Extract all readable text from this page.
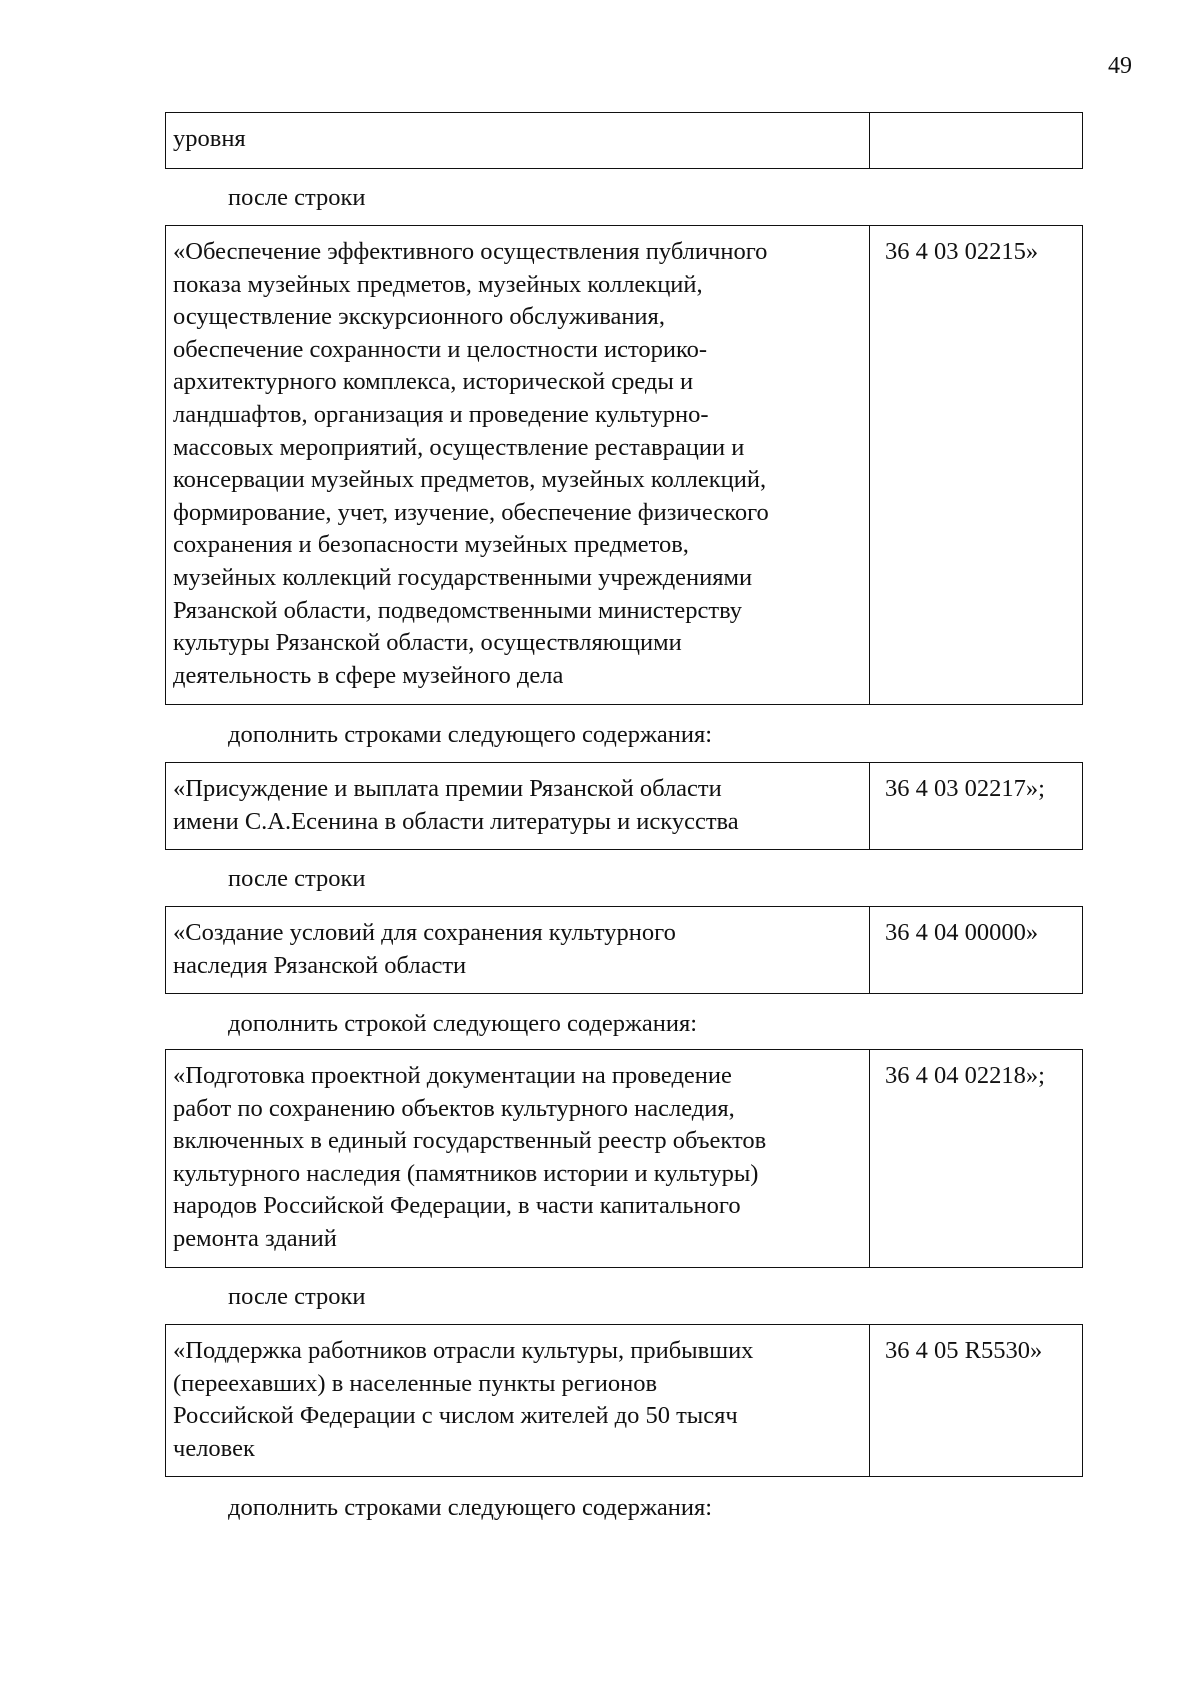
49
уровня
после строки
«Обеспечение эффективного осуществления публичного
показа музейных предметов, музейных коллекций,
осуществление экскурсионного обслуживания,
обеспечение сохранности и целостности историко-
архитектурного комплекса, исторической среды и
ландшафтов, организация и проведение культурно-
массовых мероприятий, осуществление реставрации и
консервации музейных предметов, музейных коллекций,
формирование, учет, изучение, обеспечение физического
сохранения и безопасности музейных предметов,
музейных коллекций государственными учреждениями
Рязанской области, подведомственными министерству
культуры Рязанской области, осуществляющими
деятельность в сфере музейного дела
36 4 03 02215»
дополнить строками следующего содержания:
«Присуждение и выплата премии Рязанской области
имени С.А.Есенина в области литературы и искусства
36 4 03 02217»;
после строки
«Создание условий для сохранения культурного
наследия Рязанской области
36 4 04 00000»
дополнить строкой следующего содержания:
«Подготовка проектной документации на проведение
работ по сохранению объектов культурного наследия,
включенных в единый государственный реестр объектов
культурного наследия (памятников истории и культуры)
народов Российской Федерации, в части капитального
ремонта зданий
36 4 04 02218»;
после строки
«Поддержка работников отрасли культуры, прибывших
(переехавших) в населенные пункты регионов
Российской Федерации с числом жителей до 50 тысяч
человек
36 4 05 R5530»
дополнить строками следующего содержания:
